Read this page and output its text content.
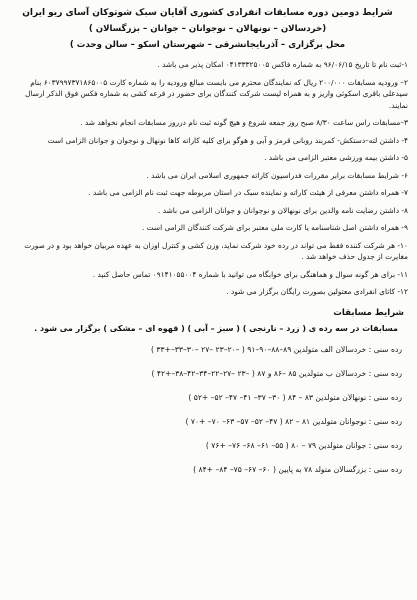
شرایط دومین دوره مسابقات انفرادی کشوری آقایان سبک شوتوکان آسای ریو ایران
(خردسالان – نونهالان – نوجوانان – جوانان – بزرگسالان )
محل برگزاری – آذربایجانشرقی – شهرستان اسکو – سالن وحدت )
۱-ثبت نام تا تاریخ ۹۶/۰۶/۱۵ به شماره فاکس ۰۴۱۳۳۳۲۵۰۰۵ امکان پذیر می باشد .
۲– ورودیه مسابقات ۲۰۰/۰۰۰ ریال که نمایندگان محترم می بایست مبالغ ورودیه را به شماره کارت ۶۰۳۷۹۹۷۳۷۱۸۶۵۰۰۵ بنام سیدعلی باقری اسکوئی واریز و به همراه لیست شرکت کنندگان برای حضور در قرعه کشی به شماره فکس فوق الذکر ارسال نمایند.
۳–مسابقات راس ساعت ۸/۳۰ صبح روز جمعه شروع و هیچ گونه ثبت نام درروز مسابقات انجام نخواهد شد .
۴- داشتن لته–دستکش- کمربند روبانی قرمز و آبی و هوگو برای کلیه کاراته کاها نونهال و نوجوان و جوانان الزامی است
۵- داشتن بیمه ورزشی معتبر الزامی می باشد .
۶- شرایط مسابقات برابر مقررات فدراسیون کاراته جمهوری اسلامی ایران می باشد .
۷- همراه داشتن معرفی از هیئت کاراته و نماینده سبک در استان مربوطه جهت ثبت نام الزامی می باشد .
۸- داشتن رضایت نامه والدین برای نونهالان و نوجوانان و جوانان الزامی می باشد .
۹- همراه داشتن اصل شناسنامه یا کارت ملی معتبر برای شرکت کنندگان الزامی است .
۱۰- هر شرکت کننده فقط می تواند در رده خود شرکت نماید، وزن کشی و کنترل اوزان به عهده مربیان خواهد بود و در صورت مغایرت از جدول حذف خواهد شد .
۱۱- برای هر گونه سوال و هماهنگی برای خوابگاه می توانید با شماره ۰۹۱۴۱۰۵۵۰۰۴ تماس حاصل کنید .
۱۲- کاتای انفرادی معتولین بصورت رایگان برگزار می شود .
شرایط مسابقات
مسابقات در سه رده ی ( زرد – نارنجی ) ( سبز – آبی ) ( قهوه ای – مشکی ) برگزار می شود .
رده سنی : خردسالان الف متولدین ۸۹–۸۸–۹۰–۹۱ ( –۲۰–۲۳ –۲۷ –۳۰–۳۳–+۳۳ )
رده سنی : خردسالان ب متولدین ۸۵ –۸۶ و ۸۷ ( –۲۳ –۲۷–۲۲–۳۴–۴۲–۳۸–+۴۲ )
رده سنی : نونهالان متولدین ۸۳ – ۸۴ ( ۳۰– ۳۷– ۴۱– ۴۷– ۵۲– +۵۲ )
رده سنی : نوجوانان متولدین ۸۱ – ۸۲ ( ۴۷– ۵۲– ۵۷– ۶۳– ۷۰– +۷۰ )
رده سنی : جوانان متولدین ۷۹ – ۸۰ ( ۵۵– ۶۱– ۶۸– ۷۶– +۷۶ )
رده سنی : بزرگسالان متولد ۷۸ به پایین ( ۶۰– ۶۷– ۷۵– ۸۴– +۸۴ )
